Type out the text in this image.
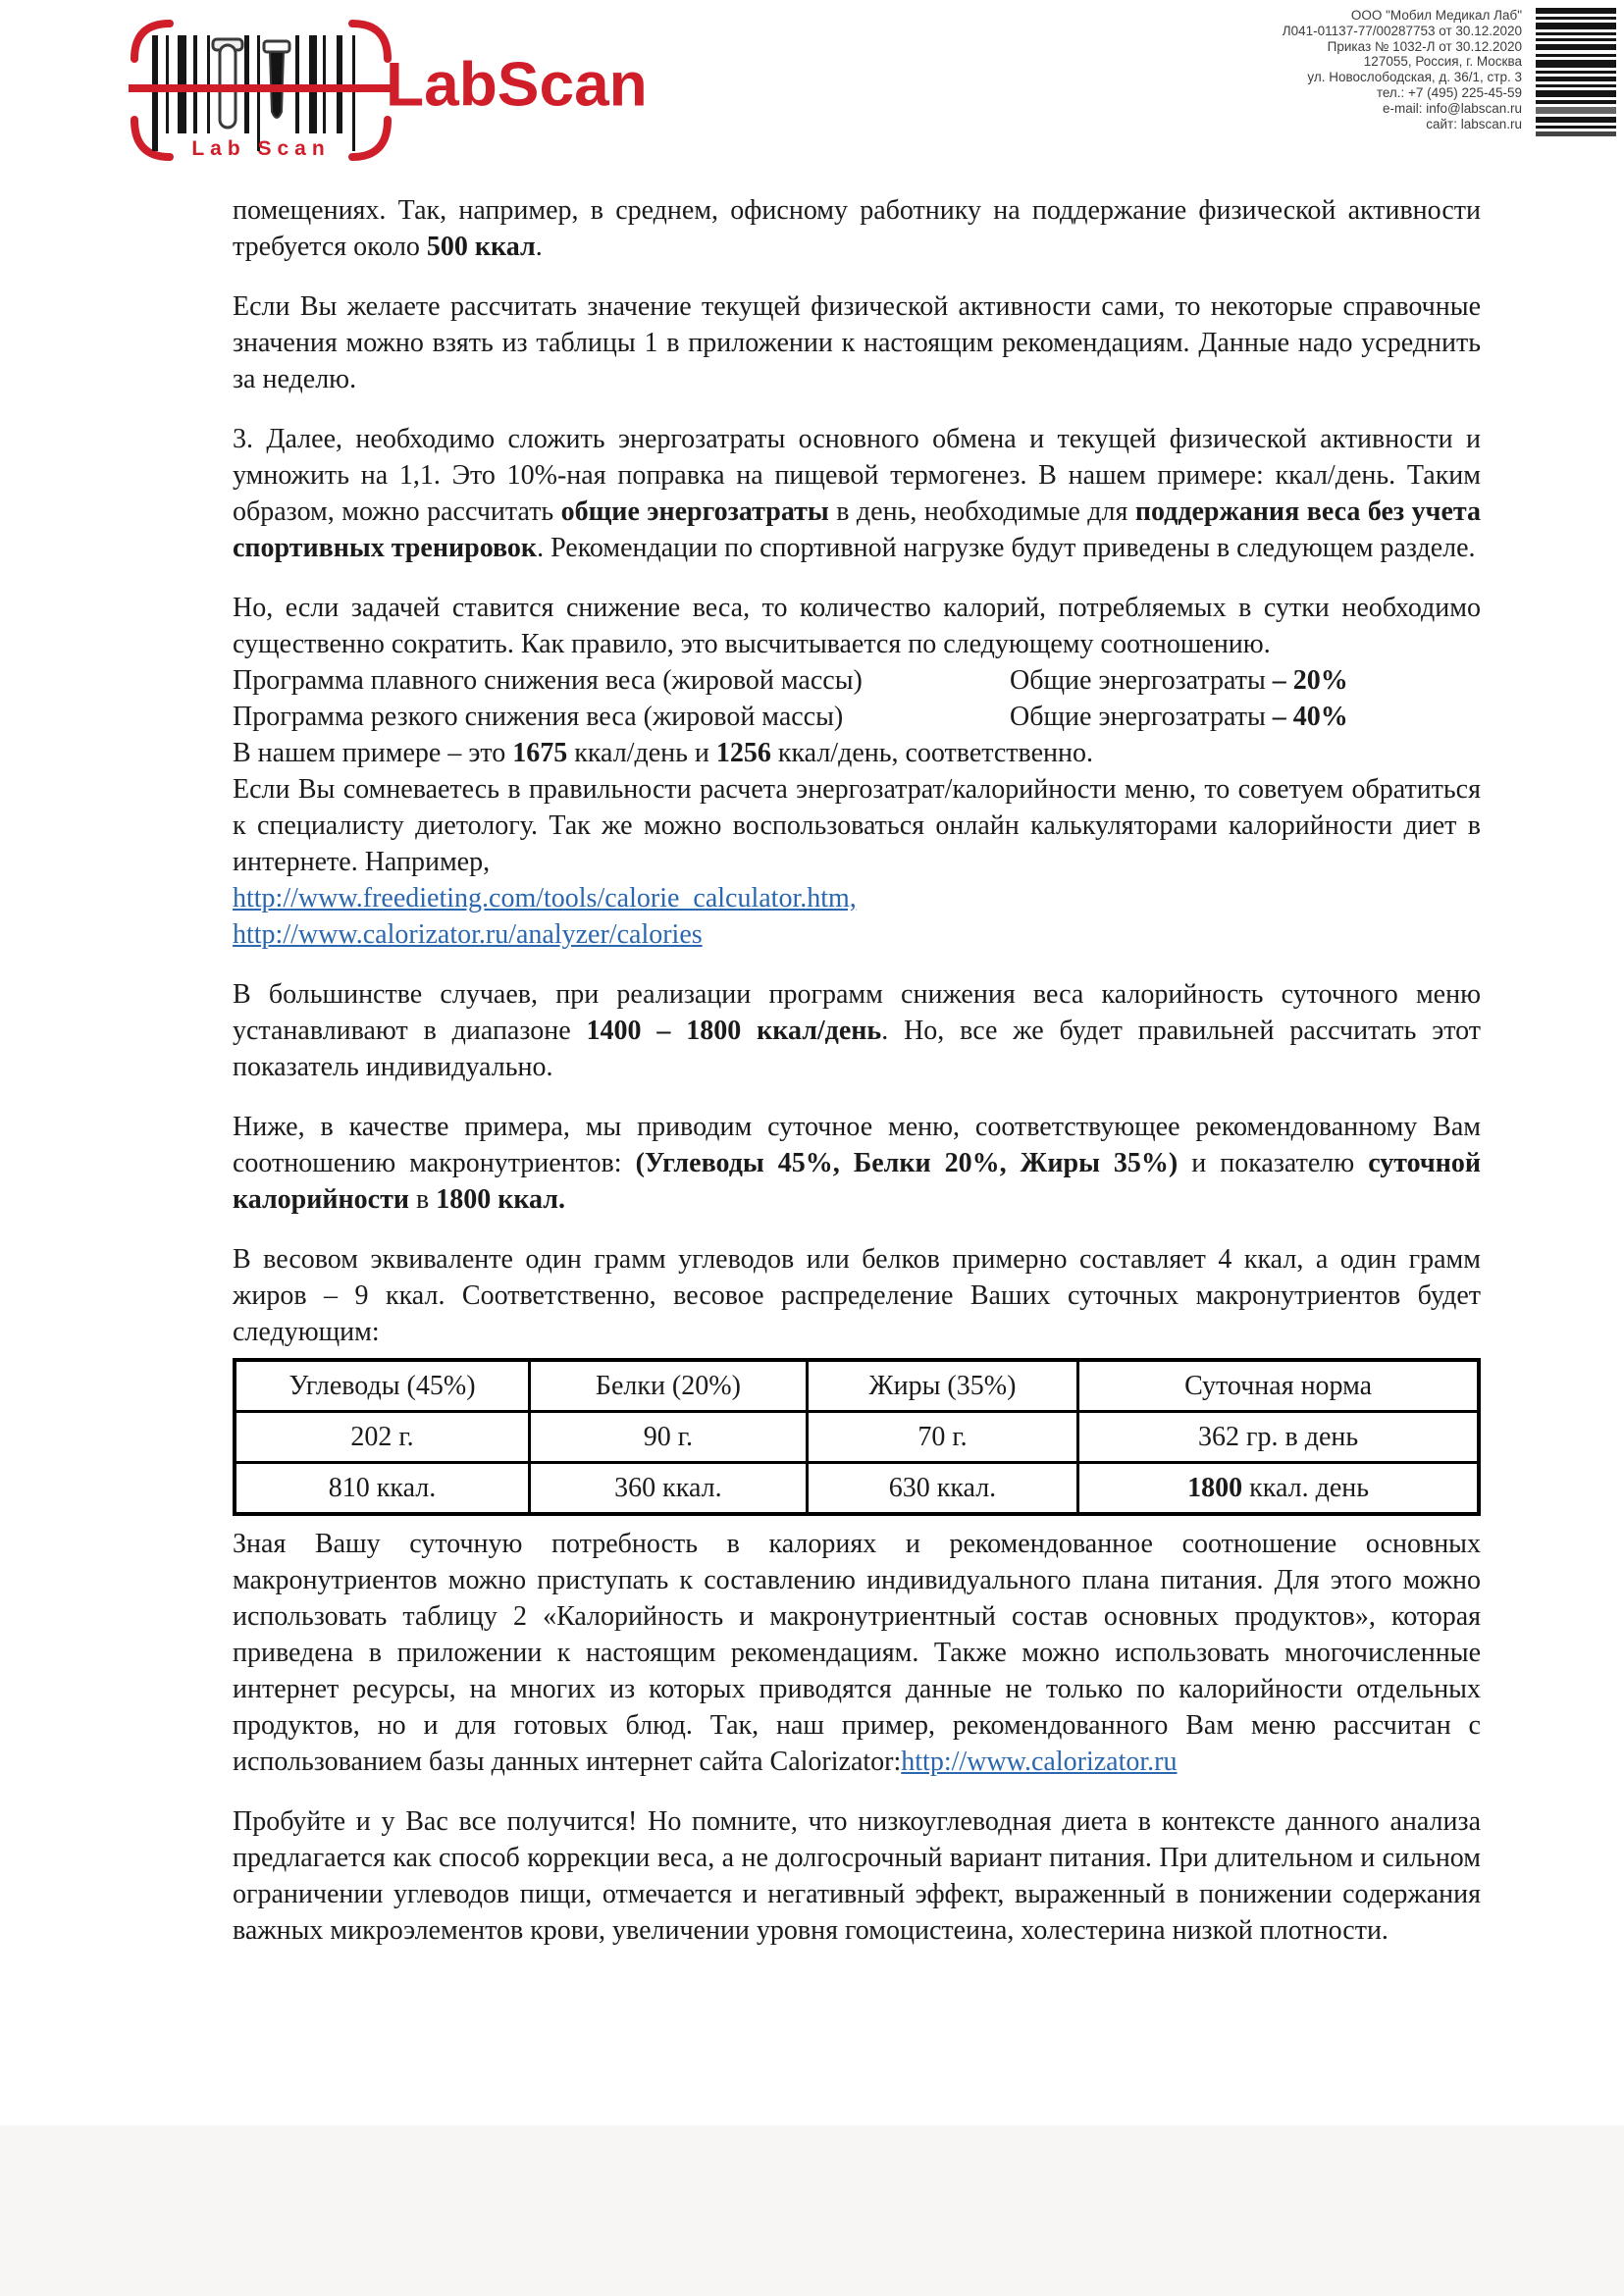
Lab Scan
LabScan
ООО "Мобил Медикал Лаб"
Л041-01137-77/00287753 от 30.12.2020
Приказ № 1032-Л от 30.12.2020
127055, Россия, г. Москва
ул. Новослободская, д. 36/1, стр. 3
тел.: +7 (495) 225-45-59
e-mail: info@labscan.ru
сайт: labscan.ru

помещениях. Так, например, в среднем, офисному работнику на поддержание физической активности требуется около 500 ккал.

Если Вы желаете рассчитать значение текущей физической активности сами, то некоторые справочные значения можно взять из таблицы 1 в приложении к настоящим рекомендациям. Данные надо усреднить за неделю.

3. Далее, необходимо сложить энергозатраты основного обмена и текущей физической активности и умножить на 1,1. Это 10%-ная поправка на пищевой термогенез. В нашем примере: ккал/день. Таким образом, можно рассчитать общие энергозатраты в день, необходимые для поддержания веса без учета спортивных тренировок. Рекомендации по спортивной нагрузке будут приведены в следующем разделе.

Но, если задачей ставится снижение веса, то количество калорий, потребляемых в сутки необходимо существенно сократить. Как правило, это высчитывается по следующему соотношению.

Программа плавного снижения веса (жировой массы)	Общие энергозатраты – 20%

Программа резкого снижения веса (жировой массы)	Общие энергозатраты – 40%

В нашем примере – это 1675 ккал/день и 1256 ккал/день, соответственно.

Если Вы сомневаетесь в правильности расчета энергозатрат/калорийности меню, то советуем обратиться к специалисту диетологу. Так же можно воспользоваться онлайн калькуляторами калорийности диет в интернете. Например,

http://www.freedieting.com/tools/calorie_calculator.htm,

http://www.calorizator.ru/analyzer/calories

В большинстве случаев, при реализации программ снижения веса калорийность суточного меню устанавливают в диапазоне 1400 – 1800 ккал/день. Но, все же будет правильней рассчитать этот показатель индивидуально.

Ниже, в качестве примера, мы приводим суточное меню, соответствующее рекомендованному Вам соотношению макронутриентов: (Углеводы 45%, Белки 20%, Жиры 35%) и показателю суточной калорийности в 1800 ккал.

В весовом эквиваленте один грамм углеводов или белков примерно составляет 4 ккал, а один грамм жиров – 9 ккал. Соответственно, весовое распределение Ваших суточных макронутриентов будет следующим:

Углеводы (45%)	Белки (20%)	Жиры (35%)	Суточная норма
202 г.	90 г.	70 г.	362 гр. в день
810 ккал.	360 ккал.	630 ккал.	1800 ккал. день

Зная Вашу суточную потребность в калориях и рекомендованное соотношение основных макронутриентов можно приступать к составлению индивидуального плана питания. Для этого можно использовать таблицу 2 «Калорийность и макронутриентный состав основных продуктов», которая приведена в приложении к настоящим рекомендациям. Также можно использовать многочисленные интернет ресурсы, на многих из которых приводятся данные не только по калорийности отдельных продуктов, но и для готовых блюд. Так, наш пример, рекомендованного Вам меню рассчитан с использованием базы данных интернет сайта Calorizator:http://www.calorizator.ru

Пробуйте и у Вас все получится! Но помните, что низкоуглеводная диета в контексте данного анализа предлагается как способ коррекции веса, а не долгосрочный вариант питания. При длительном и сильном ограничении углеводов пищи, отмечается и негативный эффект, выраженный в понижении содержания важных микроэлементов крови, увеличении уровня гомоцистеина, холестерина низкой плотности.
